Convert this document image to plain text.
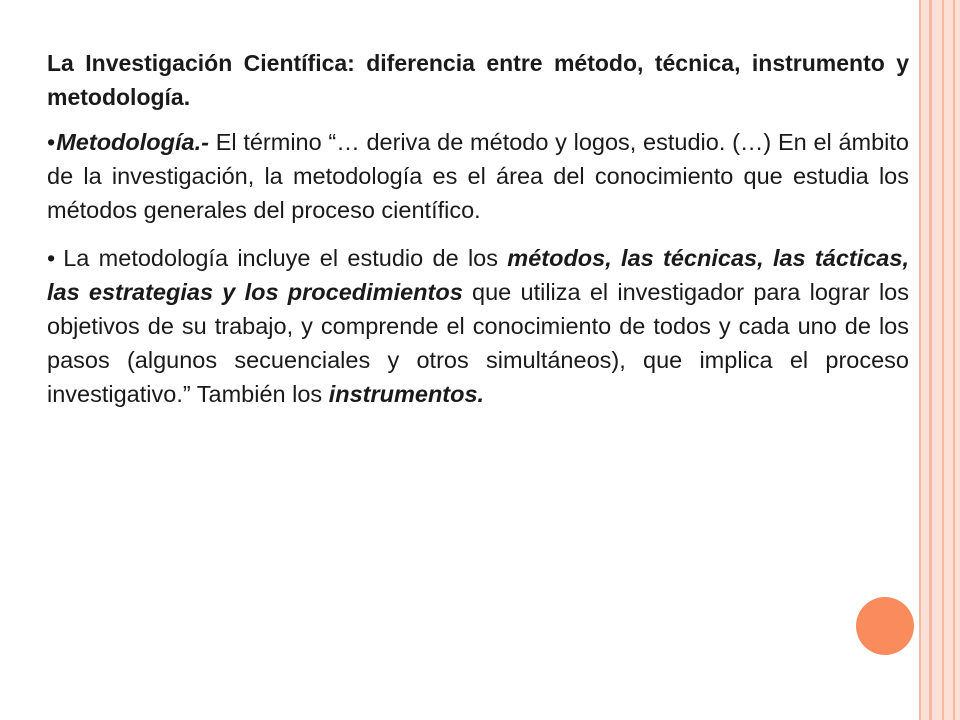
La Investigación Científica: diferencia entre método, técnica, instrumento y metodología.

•Metodología.- El término “… deriva de método y logos, estudio. (…) En el ámbito de la investigación, la metodología es el área del conocimiento que estudia los métodos generales del proceso científico.

• La metodología incluye el estudio de los métodos, las técnicas, las tácticas, las estrategias y los procedimientos que utiliza el investigador para lograr los objetivos de su trabajo, y comprende el conocimiento de todos y cada uno de los pasos (algunos secuenciales y otros simultáneos), que implica el proceso investigativo.” También los instrumentos.
